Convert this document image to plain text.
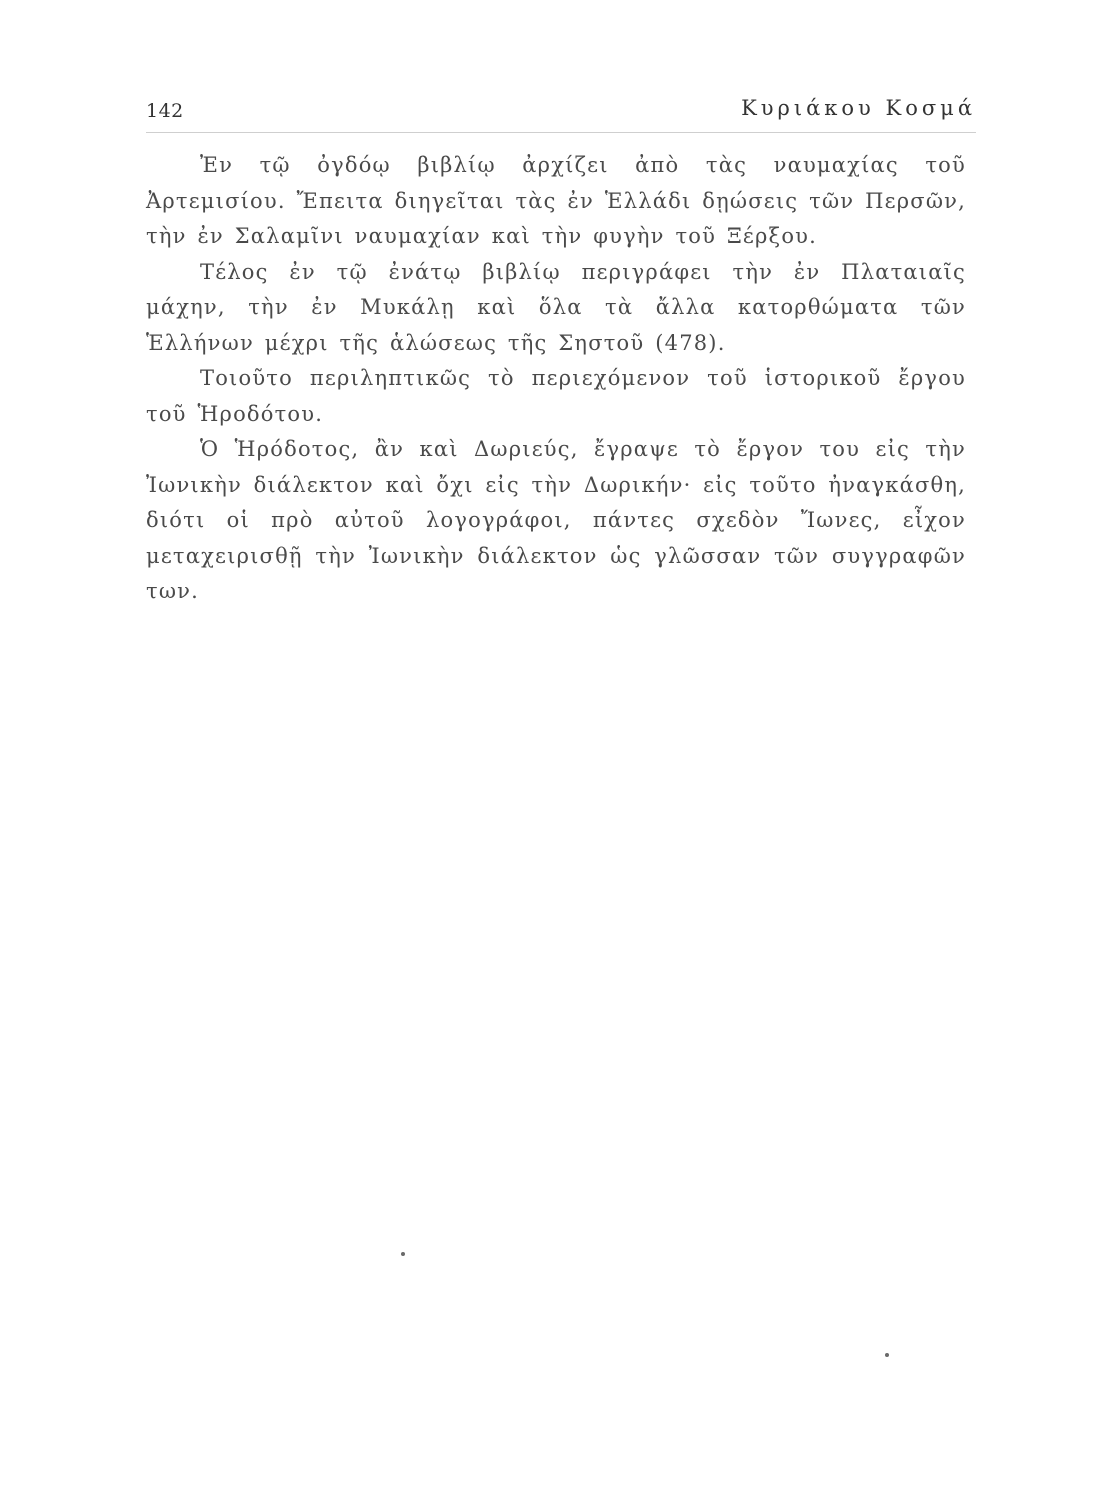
142	Κυριάκου Κοσμά

Ἐν τῷ ὀγδόῳ βιβλίῳ ἀρχίζει ἀπὸ τὰς ναυμαχίας τοῦ Ἀρτεμισίου. Ἔπειτα διηγεῖται τὰς ἐν Ἑλλάδι δῃώσεις τῶν Περσῶν, τὴν ἐν Σαλαμῖνι ναυμαχίαν καὶ τὴν φυγὴν τοῦ Ξέρξου.

Τέλος ἐν τῷ ἐνάτῳ βιβλίῳ περιγράφει τὴν ἐν Πλαταιαῖς μάχην, τὴν ἐν Μυκάλῃ καὶ ὅλα τὰ ἄλλα κατορθώματα τῶν Ἑλλήνων μέχρι τῆς ἁλώσεως τῆς Σηστοῦ (478).

Τοιοῦτο περιληπτικῶς τὸ περιεχόμενον τοῦ ἱστορικοῦ ἔργου τοῦ Ἡροδότου.

Ὁ Ἡρόδοτος, ἂν καὶ Δωριεύς, ἔγραψε τὸ ἔργον του εἰς τὴν Ἰωνικὴν διάλεκτον καὶ ὄχι εἰς τὴν Δωρικήν· εἰς τοῦτο ἠναγκάσθη, διότι οἱ πρὸ αὐτοῦ λογογράφοι, πάντες σχεδὸν Ἴωνες, εἶχον μεταχειρισθῇ τὴν Ἰωνικὴν διάλεκτον ὡς γλῶσσαν τῶν συγγραφῶν των.
